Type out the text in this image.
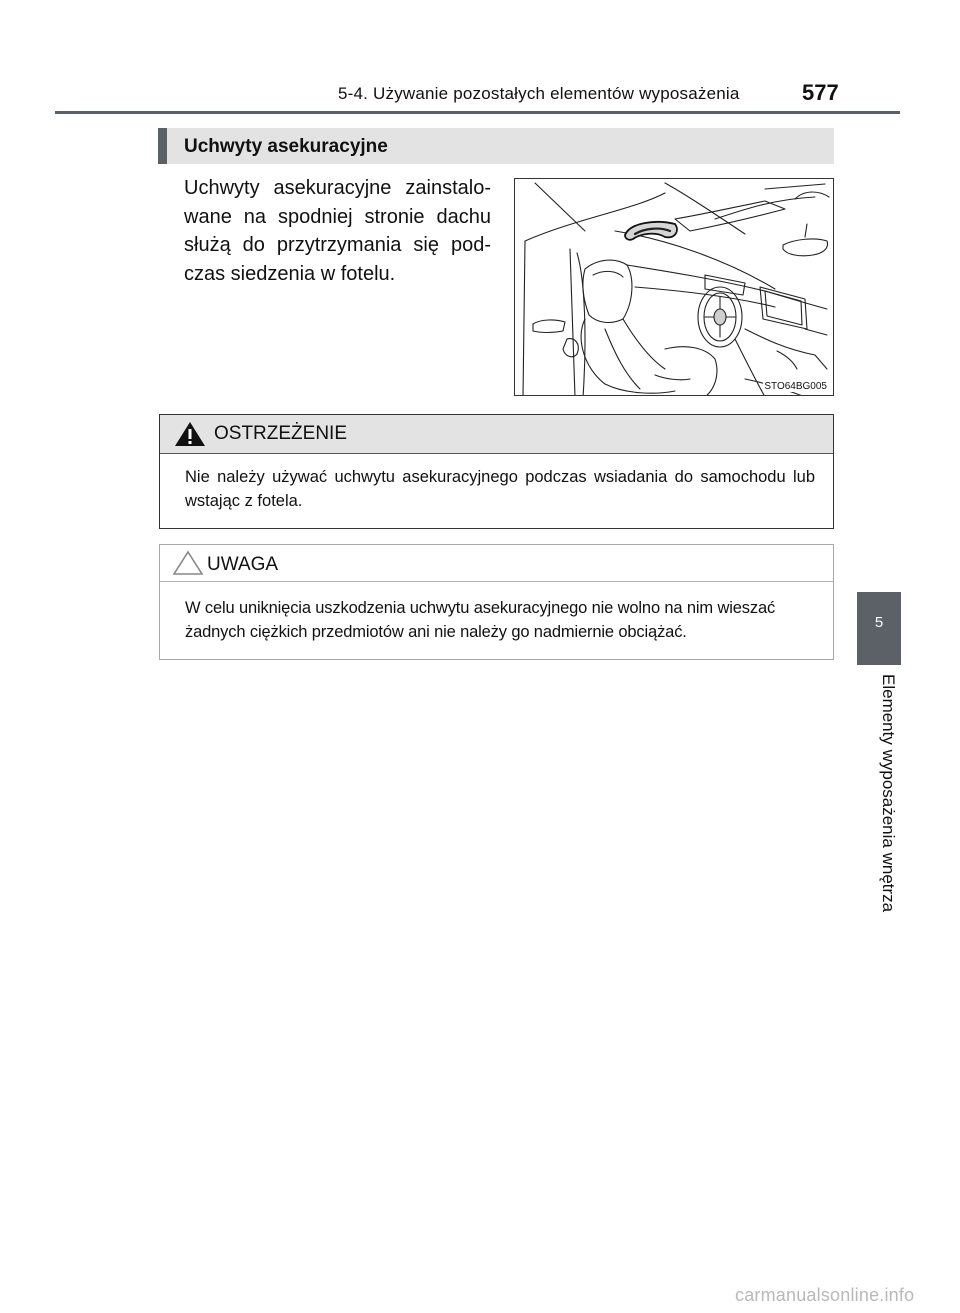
5-4. Używanie pozostałych elementów wyposażenia	577
Uchwyty asekuracyjne
Uchwyty asekuracyjne zainstalowane na spodniej stronie dachu służą do przytrzymania się podczas siedzenia w fotelu.
STO64BG005
OSTRZEŻENIE
Nie należy używać uchwytu asekuracyjnego podczas wsiadania do samochodu lub wstając z fotela.
UWAGA
W celu uniknięcia uszkodzenia uchwytu asekuracyjnego nie wolno na nim wieszać żadnych ciężkich przedmiotów ani nie należy go nadmiernie obciążać.
5
Elementy wyposażenia wnętrza
carmanualsonline.info
